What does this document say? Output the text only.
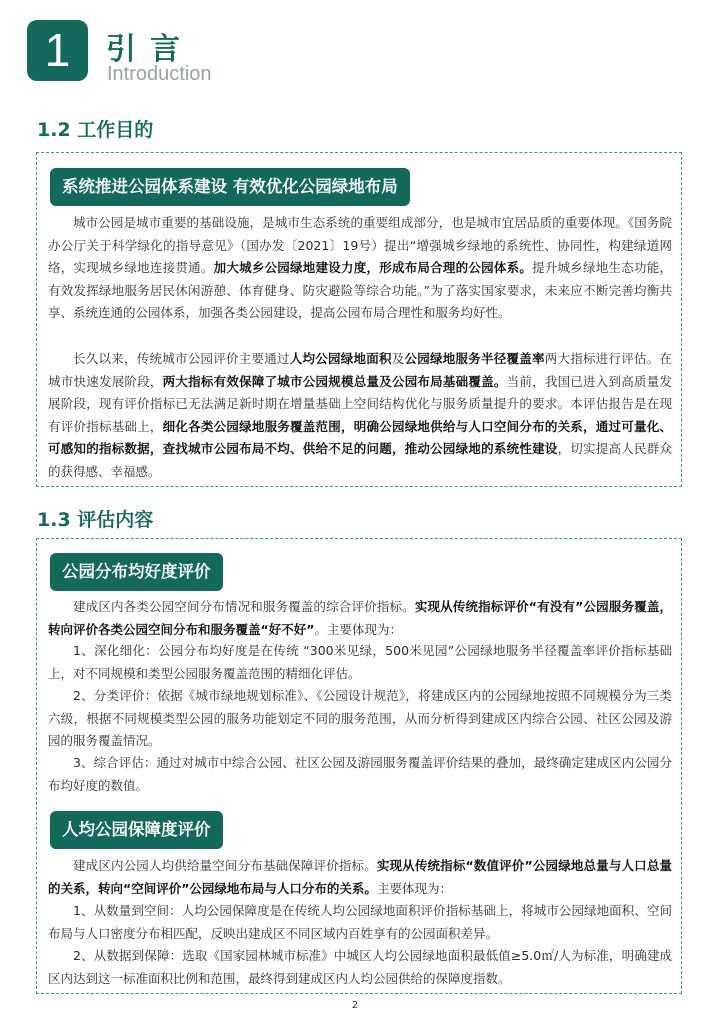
1	引言
Introduction
1.2 工作目的
系统推进公园体系建设 有效优化公园绿地布局

城市公园是城市重要的基础设施，是城市生态系统的重要组成部分，也是城市宜居品质的重要体现。《国务院办公厅关于科学绿化的指导意见》（国办发〔2021〕19号）提出“增强城乡绿地的系统性、协同性，构建绿道网络，实现城乡绿地连接贯通。加大城乡公园绿地建设力度，形成布局合理的公园体系。提升城乡绿地生态功能，有效发挥绿地服务居民休闲游憩、体育健身、防灾避险等综合功能。”为了落实国家要求，未来应不断完善均衡共享、系统连通的公园体系，加强各类公园建设，提高公园布局合理性和服务均好性。

长久以来，传统城市公园评价主要通过人均公园绿地面积及公园绿地服务半径覆盖率两大指标进行评估。在城市快速发展阶段，两大指标有效保障了城市公园规模总量及公园布局基础覆盖。当前，我国已进入到高质量发展阶段，现有评价指标已无法满足新时期在增量基础上空间结构优化与服务质量提升的要求。本评估报告是在现有评价指标基础上，细化各类公园绿地服务覆盖范围，明确公园绿地供给与人口空间分布的关系，通过可量化、可感知的指标数据，查找城市公园布局不均、供给不足的问题，推动公园绿地的系统性建设，切实提高人民群众的获得感、幸福感。

1.3 评估内容
公园分布均好度评价

建成区内各类公园空间分布情况和服务覆盖的综合评价指标。实现从传统指标评价“有没有”公园服务覆盖，转向评价各类公园空间分布和服务覆盖“好不好”。主要体现为：

1、深化细化：公园分布均好度是在传统 “300米见绿，500米见园”公园绿地服务半径覆盖率评价指标基础上，对不同规模和类型公园服务覆盖范围的精细化评估。

2、分类评价：依据《城市绿地规划标准》、《公园设计规范》，将建成区内的公园绿地按照不同规模分为三类六级，根据不同规模类型公园的服务功能划定不同的服务范围，从而分析得到建成区内综合公园、社区公园及游园的服务覆盖情况。

3、综合评估：通过对城市中综合公园、社区公园及游园服务覆盖评价结果的叠加，最终确定建成区内公园分布均好度的数值。

人均公园保障度评价

建成区内公园人均供给量空间分布基础保障评价指标。实现从传统指标“数值评价”公园绿地总量与人口总量的关系，转向“空间评价”公园绿地布局与人口分布的关系。主要体现为：

1、从数量到空间：人均公园保障度是在传统人均公园绿地面积评价指标基础上，将城市公园绿地面积、空间布局与人口密度分布相匹配，反映出建成区不同区域内百姓享有的公园面积差异。

2、从数据到保障：选取《国家园林城市标准》中城区人均公园绿地面积最低值≥5.0㎡/人为标准，明确建成区内达到这一标准面积比例和范围，最终得到建成区内人均公园供给的保障度指数。

2
